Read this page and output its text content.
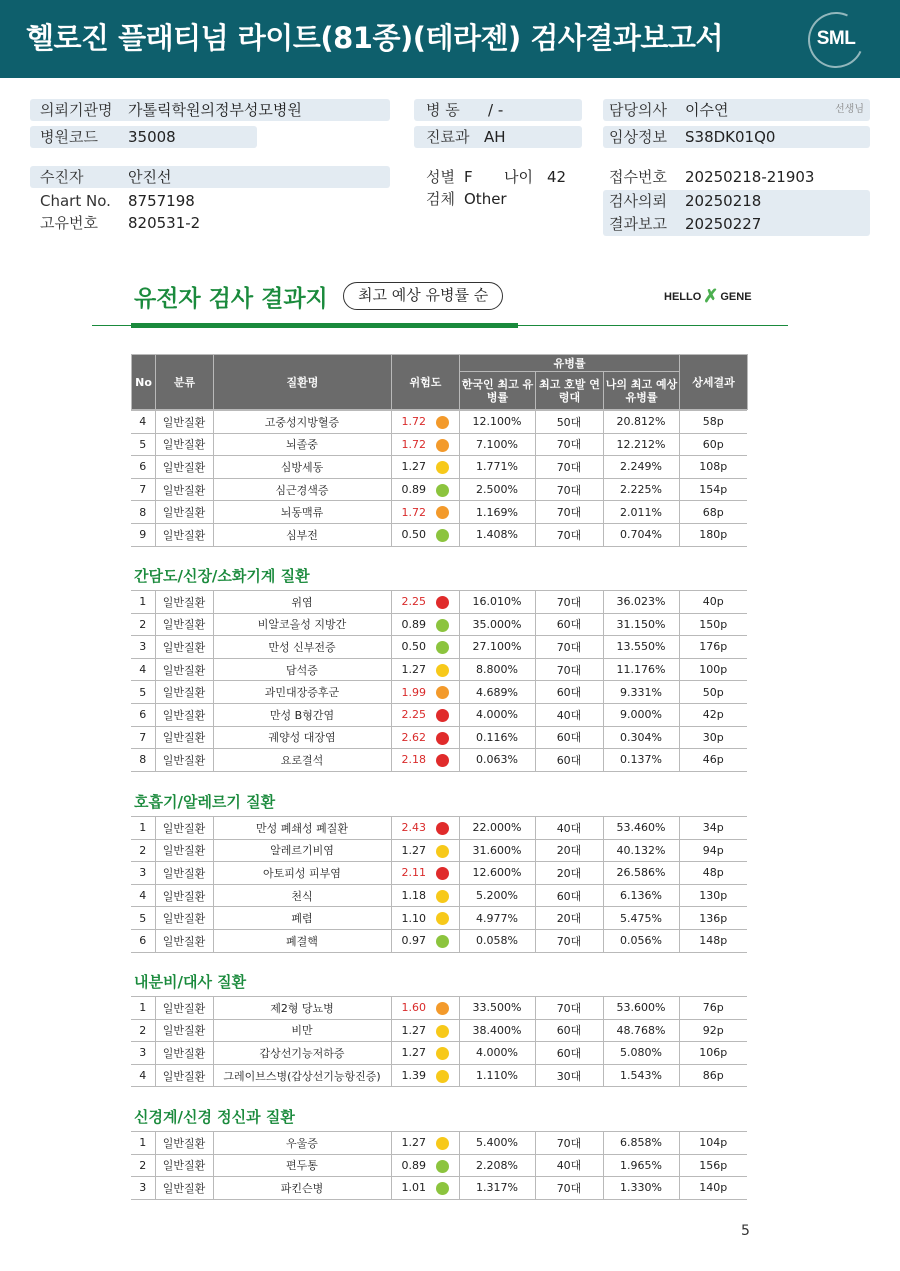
헬로진 플래티넘 라이트(81종)(테라젠) 검사결과보고서	SML
의뢰기관명 가톨릭학원의정부성모병원
병원코드 35008
병 동 / -
진료과 AH
담당의사 이수연	선생님
임상정보 S38DK01Q0
수진자	안진선
Chart No. 8757198
고유번호 820531-2
성별 F 나이 42
검체 Other
접수번호 20250218-21903
검사의뢰 20250218
결과보고 20250227
유전자 검사 결과지	최고 예상 유병률 순	HELLO ✗ GENE
No	분류	질환명	위험도	유병률			상세결과
				한국인 최고 유병률	최고 호발 연령대	나의 최고 예상 유병률	
4	일반질환	고중성지방혈증	1.72	12.100%	50대	20.812%	58p
5	일반질환	뇌졸중	1.72	7.100%	70대	12.212%	60p
6	일반질환	심방세동	1.27	1.771%	70대	2.249%	108p
7	일반질환	심근경색증	0.89	2.500%	70대	2.225%	154p
8	일반질환	뇌동맥류	1.72	1.169%	70대	2.011%	68p
9	일반질환	심부전	0.50	1.408%	70대	0.704%	180p
간담도/신장/소화기계 질환
1	일반질환	위염	2.25	16.010%	70대	36.023%	40p
2	일반질환	비알코올성 지방간	0.89	35.000%	60대	31.150%	150p
3	일반질환	만성 신부전증	0.50	27.100%	70대	13.550%	176p
4	일반질환	담석증	1.27	8.800%	70대	11.176%	100p
5	일반질환	과민대장증후군	1.99	4.689%	60대	9.331%	50p
6	일반질환	만성 B형간염	2.25	4.000%	40대	9.000%	42p
7	일반질환	궤양성 대장염	2.62	0.116%	60대	0.304%	30p
8	일반질환	요로결석	2.18	0.063%	60대	0.137%	46p
호흡기/알레르기 질환
1	일반질환	만성 폐쇄성 폐질환	2.43	22.000%	40대	53.460%	34p
2	일반질환	알레르기비염	1.27	31.600%	20대	40.132%	94p
3	일반질환	아토피성 피부염	2.11	12.600%	20대	26.586%	48p
4	일반질환	천식	1.18	5.200%	60대	6.136%	130p
5	일반질환	폐렴	1.10	4.977%	20대	5.475%	136p
6	일반질환	폐결핵	0.97	0.058%	70대	0.056%	148p
내분비/대사 질환
1	일반질환	제2형 당뇨병	1.60	33.500%	70대	53.600%	76p
2	일반질환	비만	1.27	38.400%	60대	48.768%	92p
3	일반질환	갑상선기능저하증	1.27	4.000%	60대	5.080%	106p
4	일반질환	그레이브스병(갑상선기능항진증)	1.39	1.110%	30대	1.543%	86p
신경계/신경 정신과 질환
1	일반질환	우울증	1.27	5.400%	70대	6.858%	104p
2	일반질환	편두통	0.89	2.208%	40대	1.965%	156p
3	일반질환	파킨슨병	1.01	1.317%	70대	1.330%	140p
5
